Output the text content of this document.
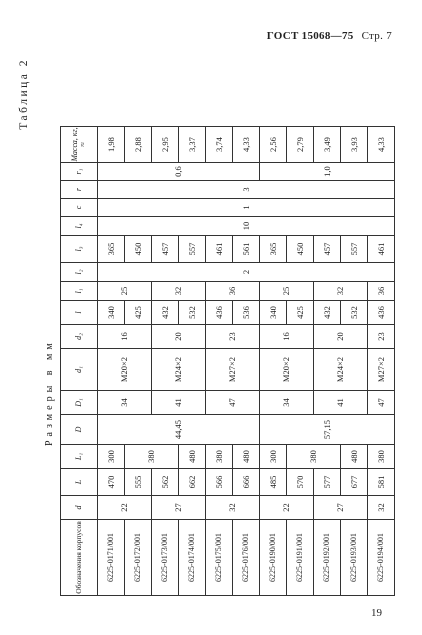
ГОСТ 15068—75 Стр. 7
Таблица 2
Размеры в мм
Обозначения корпусов	d	L	L₁	D	D₁	d₁	d₂	l	l₁	l₂	l₃	l₄	c	r	r₁	Масса, кг, ≈
6225-0171/001	22	470	300	44,45	34	M20×2	16	340	25	2	365	10	1	3	0,6	1,98
6225-0172/001		555	380					425			450					2,88
6225-0173/001	27	562			41	M24×2	20	432	32		457					2,95
6225-0174/001		662	480					532			557					3,37
6225-0175/001	32	566	380		47	M27×2	23	436	36		461					3,74
6225-0176/001		666	480					536			561					4,33
6225-0190/001	22	485	300	57,15	34	M20×2	16	340	25		365				1,0	2,56
6225-0191/001		570	380					425			450					2,79
6225-0192/001	27	577			41	M24×2	20	432	32		457					3,49
6225-0193/001		677	480					532			557					3,93
6225-0194/001	32	581	380		47	M27×2	23	436	36		461					4,33
19
